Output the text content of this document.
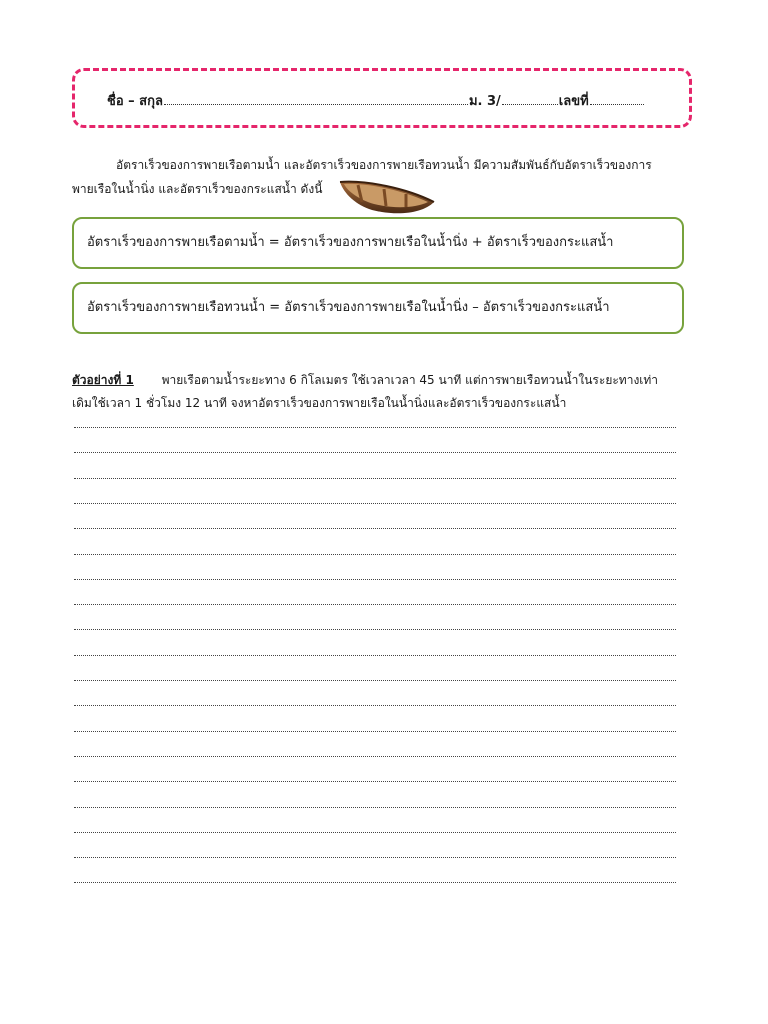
ชื่อ – สกุล	ม. 3/	เลขที่
อัตราเร็วของการพายเรือตามน้ำ และอัตราเร็วของการพายเรือทวนน้ำ มีความสัมพันธ์กับอัตราเร็วของการ
พายเรือในน้ำนิ่ง และอัตราเร็วของกระแสน้ำ ดังนี้
อัตราเร็วของการพายเรือตามน้ำ = อัตราเร็วของการพายเรือในน้ำนิ่ง + อัตราเร็วของกระแสน้ำ
อัตราเร็วของการพายเรือทวนน้ำ = อัตราเร็วของการพายเรือในน้ำนิ่ง – อัตราเร็วของกระแสน้ำ
ตัวอย่างที่ 1 พายเรือตามน้ำระยะทาง 6 กิโลเมตร ใช้เวลาเวลา 45 นาที แต่การพายเรือทวนน้ำในระยะทางเท่า
เดิมใช้เวลา 1 ชั่วโมง 12 นาที จงหาอัตราเร็วของการพายเรือในน้ำนิ่งและอัตราเร็วของกระแสน้ำ
